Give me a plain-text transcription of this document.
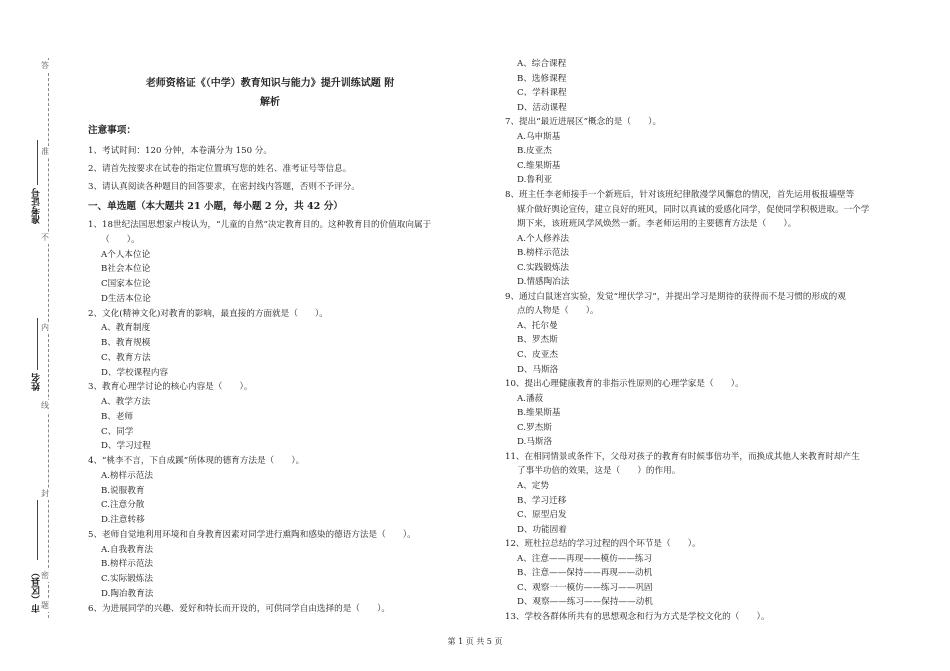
答
准
不
内
线
封
密
题
准考证号
姓名
市（区县）
老师资格证《（中学）教育知识与能力》提升训练试题 附
解析
注意事项：
1、考试时间：120 分钟，本卷满分为 150 分。
2、请首先按要求在试卷的指定位置填写您的姓名、准考证号等信息。
3、请认真阅读各种题目的回答要求，在密封线内答题，否则不予评分。
一、单选题（本大题共 21 小题，每小题 2 分，共 42 分）
1、18世纪法国思想家卢梭认为，“儿童的自然”决定教育目的。这种教育目的价值取向属于
（　　）。
A个人本位论
B社会本位论
C国家本位论
D生活本位论
2、文化(精神文化)对教育的影响，最直接的方面就是（　　）。
A、教育制度
B、教育规模
C、教育方法
D、学校课程内容
3、教育心理学讨论的核心内容是（　　）。
A、教学方法
B、老师
C、同学
D、学习过程
4、“桃李不言，下自成蹊”所体现的德育方法是（　　）。
A.榜样示范法
B.说服教育
C.注意分散
D.注意转移
5、老师自觉地利用环境和自身教育因素对同学进行熏陶和感染的德语方法是（　　）。
A.自我教育法
B.榜样示范法
C.实际锻炼法
D.陶冶教育法
6、为进展同学的兴趣、爱好和特长而开设的，可供同学自由选择的是（　　）。
A、综合课程
B、选修课程
C、学科课程
D、活动课程
7、提出“最近进展区”概念的是（　　）。
A.乌申斯基
B.皮亚杰
C.维果斯基
D.鲁利亚
8、班主任李老师接手一个新班后，针对该班纪律散漫学风懈怠的情况，首先运用板报墙壁等
媒介做好舆论宣传，建立良好的班风，同时以真诚的爱感化同学，促使同学积极进取。一个学
期下来，该班班风学风焕然一新。李老师运用的主要德育方法是（　　）。
A.个人修养法
B.榜样示范法
C.实践锻炼法
D.情感陶冶法
9、通过白鼠迷宫实验，发觉“埋伏学习”，并提出学习是期待的获得而不是习惯的形成的观
点的人物是（　　）。
A、托尔曼
B、罗杰斯
C、皮亚杰
D、马斯洛
10、提出心理健康教育的非指示性原则的心理学家是（　　）。
A.潘菽
B.维果斯基
C.罗杰斯
D.马斯洛
11、在相同情景或条件下，父母对孩子的教育有时候事倍功半，而换成其他人来教育时却产生
了事半功倍的效果，这是（　　）的作用。
A、定势
B、学习迁移
C、原型启发
D、功能固着
12、班杜拉总结的学习过程的四个环节是（　　）。
A、注意——再现——模仿——练习
B、注意——保持——再现——动机
C、观察一一模仿——练习——巩固
D、观察——练习——保持——动机
13、学校各群体所共有的思想观念和行为方式是学校文化的（　　）。
第 1 页 共 5 页
